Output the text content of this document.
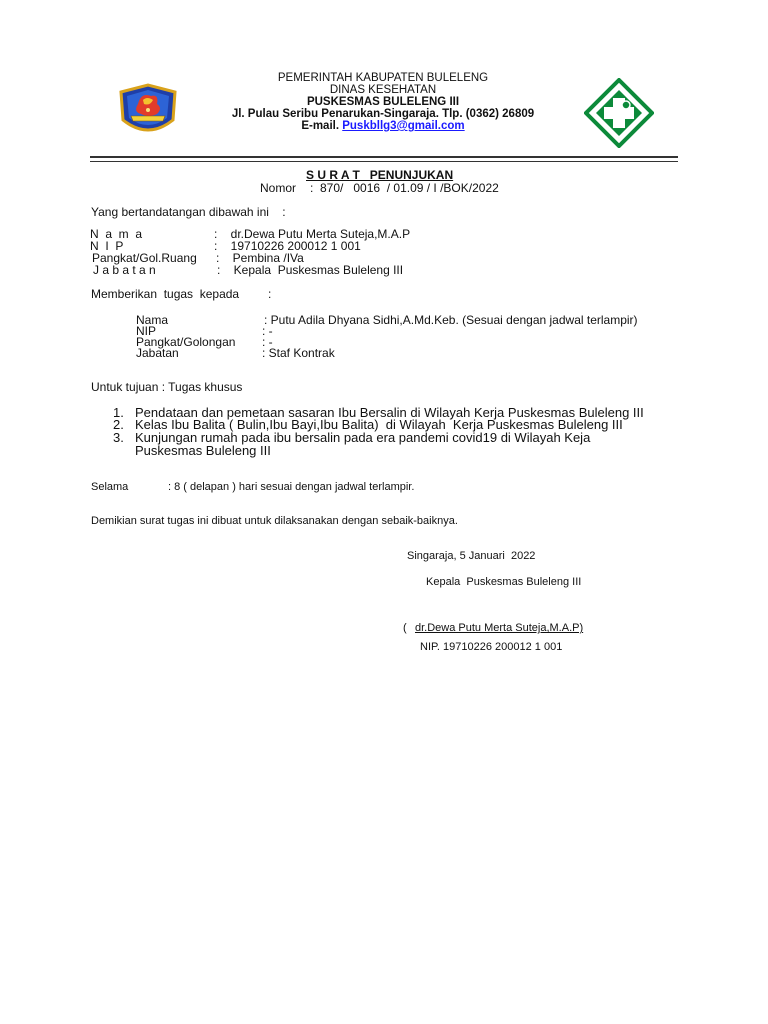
PEMERINTAH KABUPATEN BULELENG
DINAS KESEHATAN
PUSKESMAS BULELENG III
Jl. Pulau Seribu Penarukan-Singaraja. Tlp. (0362) 26809
E-mail. Puskbllg3@gmail.com
S U R A T   PENUNJUKAN
Nomor :  870/   0016  / 01.09 / I /BOK/2022
Yang bertandatangan dibawah ini    :
N  a  m  a	:    dr.Dewa Putu Merta Suteja,M.A.P
N  I  P	:    19710226 200012 1 001
Pangkat/Gol.Ruang :    Pembina /IVa
J a b a t a n	:    Kepala  Puskesmas Buleleng III
Memberikan  tugas  kepada :
Nama	: Putu Adila Dhyana Sidhi,A.Md.Keb. (Sesuai dengan jadwal terlampir)
NIP	: -
Pangkat/Golongan : -
Jabatan	: Staf Kontrak
Untuk tujuan : Tugas khusus
1. Pendataan dan pemetaan sasaran Ibu Bersalin di Wilayah Kerja Puskesmas Buleleng III
2. Kelas Ibu Balita ( Bulin,Ibu Bayi,Ibu Balita)  di Wilayah  Kerja Puskesmas Buleleng III
3. Kunjungan rumah pada ibu bersalin pada era pandemi covid19 di Wilayah Keja
Puskesmas Buleleng III
Selama	: 8 ( delapan ) hari sesuai dengan jadwal terlampir.
Demikian surat tugas ini dibuat untuk dilaksanakan dengan sebaik-baiknya.
Singaraja, 5 Januari  2022
Kepala  Puskesmas Buleleng III
( dr.Dewa Putu Merta Suteja,M.A.P)
NIP. 19710226 200012 1 001
